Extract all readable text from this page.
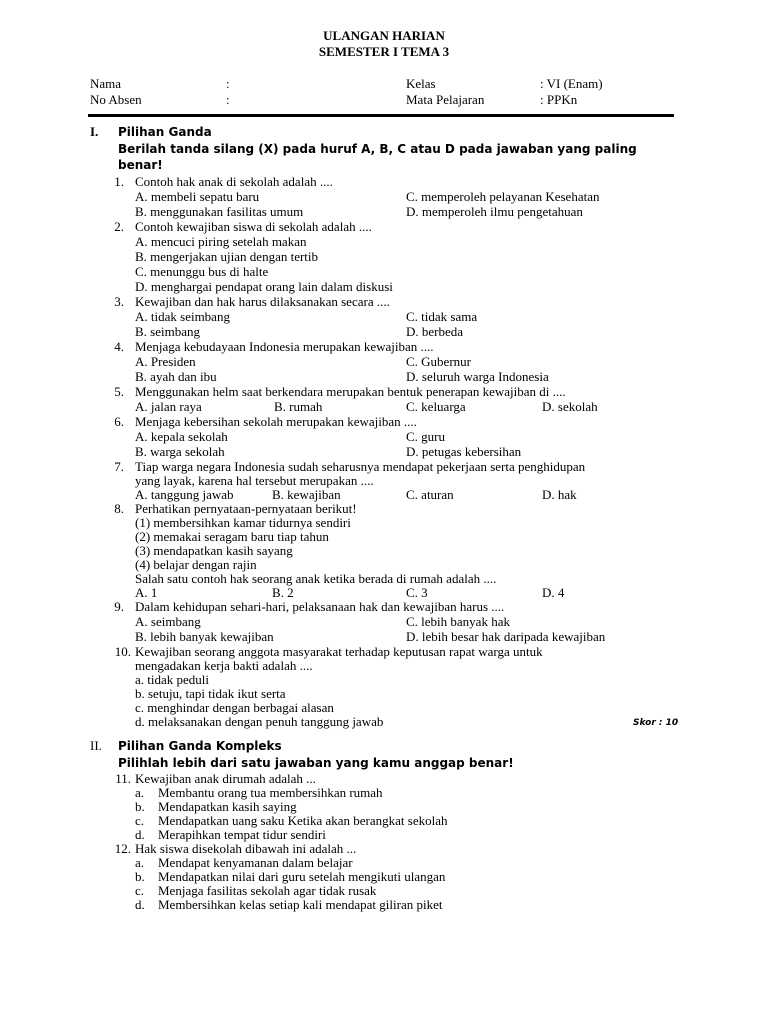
ULANGAN HARIAN
SEMESTER I TEMA 3
Nama	:	Kelas	: VI (Enam)
No Absen	:	Mata Pelajaran	: PPKn
I. Pilihan Ganda
Berilah tanda silang (X) pada huruf A, B, C atau D pada jawaban yang paling
benar!
1. Contoh hak anak di sekolah adalah ....
A. membeli sepatu baru	C. memperoleh pelayanan Kesehatan
B. menggunakan fasilitas umum	D. memperoleh ilmu pengetahuan
2. Contoh kewajiban siswa di sekolah adalah ....
A. mencuci piring setelah makan
B. mengerjakan ujian dengan tertib
C. menunggu bus di halte
D. menghargai pendapat orang lain dalam diskusi
3. Kewajiban dan hak harus dilaksanakan secara ....
A. tidak seimbang	C. tidak sama
B. seimbang	D. berbeda
4. Menjaga kebudayaan Indonesia merupakan kewajiban ....
A. Presiden	C. Gubernur
B. ayah dan ibu	D. seluruh warga Indonesia
5. Menggunakan helm saat berkendara merupakan bentuk penerapan kewajiban di ....
A. jalan raya	B. rumah	C. keluarga	D. sekolah
6. Menjaga kebersihan sekolah merupakan kewajiban ....
A. kepala sekolah	C. guru
B. warga sekolah	D. petugas kebersihan
7. Tiap warga negara Indonesia sudah seharusnya mendapat pekerjaan serta penghidupan
yang layak, karena hal tersebut merupakan ....
A. tanggung jawab	B. kewajiban	C. aturan	D. hak
8. Perhatikan pernyataan-pernyataan berikut!
(1) membersihkan kamar tidurnya sendiri
(2) memakai seragam baru tiap tahun
(3) mendapatkan kasih sayang
(4) belajar dengan rajin
Salah satu contoh hak seorang anak ketika berada di rumah adalah ....
A. 1	B. 2	C. 3	D. 4
9. Dalam kehidupan sehari-hari, pelaksanaan hak dan kewajiban harus ....
A. seimbang	C. lebih banyak hak
B. lebih banyak kewajiban	D. lebih besar hak daripada kewajiban
10. Kewajiban seorang anggota masyarakat terhadap keputusan rapat warga untuk
mengadakan kerja bakti adalah ....
a. tidak peduli
b. setuju, tapi tidak ikut serta
c. menghindar dengan berbagai alasan
d. melaksanakan dengan penuh tanggung jawab	Skor : 10
II. Pilihan Ganda Kompleks
Pilihlah lebih dari satu jawaban yang kamu anggap benar!
11. Kewajiban anak dirumah adalah ...
a. Membantu orang tua membersihkan rumah
b. Mendapatkan kasih saying
c. Mendapatkan uang saku Ketika akan berangkat sekolah
d. Merapihkan tempat tidur sendiri
12. Hak siswa disekolah dibawah ini adalah ...
a. Mendapat kenyamanan dalam belajar
b. Mendapatkan nilai dari guru setelah mengikuti ulangan
c. Menjaga fasilitas sekolah agar tidak rusak
d. Membersihkan kelas setiap kali mendapat giliran piket
